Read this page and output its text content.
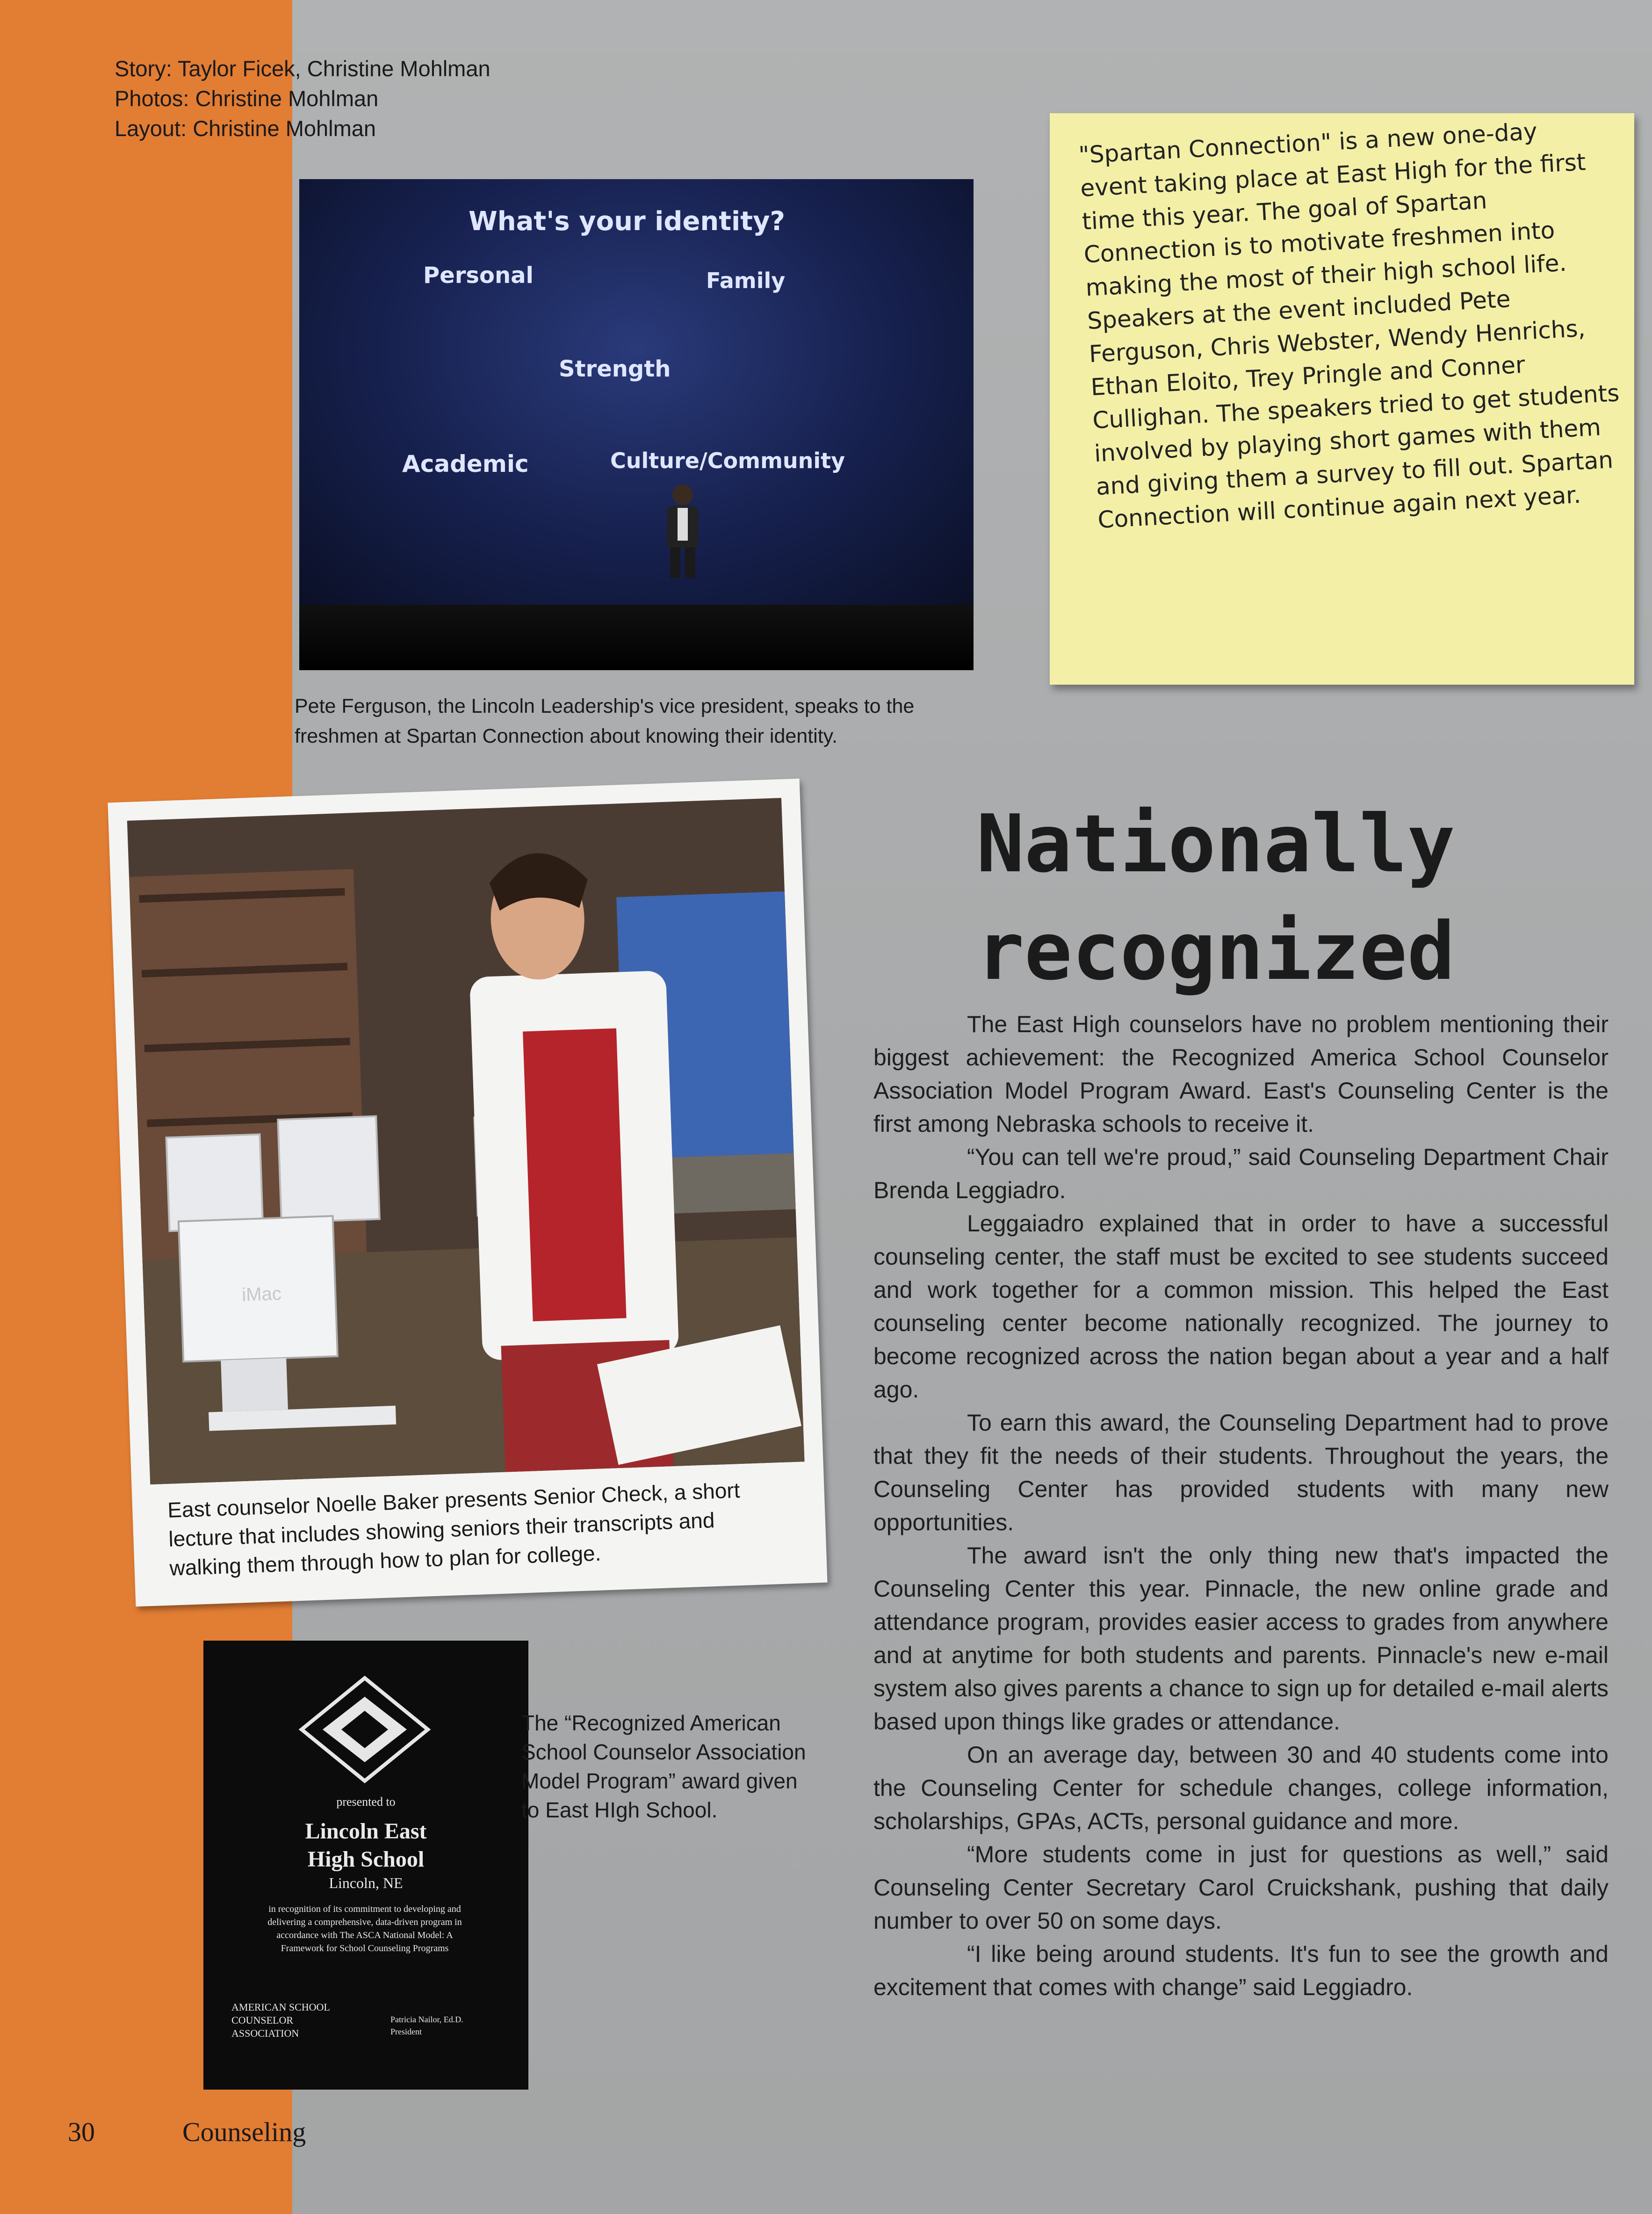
Story: Taylor Ficek, Christine Mohlman
Photos: Christine Mohlman
Layout: Christine Mohlman
What's your identity?
Personal	Family
Strength
Academic	Culture/Community
Pete Ferguson, the Lincoln Leadership's vice president, speaks to the freshmen at Spartan Connection about knowing their identity.
"Spartan Connection" is a new one-day event taking place at East High for the first time this year. The goal of Spartan Connection is to motivate freshmen into making the most of their high school life. Speakers at the event included Pete Ferguson, Chris Webster, Wendy Henrichs, Ethan Eloito, Trey Pringle and Conner Cullighan. The speakers tried to get students involved by playing short games with them and giving them a survey to fill out. Spartan Connection will continue again next year.
Nationally
recognized

The East High counselors have no problem mentioning their biggest achievement: the Recognized America School Counselor Association Model Program Award. East's Counseling Center is the first among Nebraska schools to receive it.

“You can tell we're proud,” said Counseling Department Chair Brenda Leggiadro.

Leggaiadro explained that in order to have a successful counseling center, the staff must be excited to see students succeed and work together for a common mission. This helped the East counseling center become nationally recognized. The journey to become recognized across the nation began about a year and a half ago.

To earn this award, the Counseling Department had to prove that they fit the needs of their students. Throughout the years, the Counseling Center has provided students with many new opportunities.

The award isn't the only thing new that's impacted the Counseling Center this year. Pinnacle, the new online grade and attendance program, provides easier access to grades from anywhere and at anytime for both students and parents. Pinnacle's new e-mail system also gives parents a chance to sign up for detailed e-mail alerts based upon things like grades or attendance.

On an average day, between 30 and 40 students come into the Counseling Center for schedule changes, college information, scholarships, GPAs, ACTs, personal guidance and more.

“More students come in just for questions as well,” said Counseling Center Secretary Carol Cruickshank, pushing that daily number to over 50 on some days.

“I like being around students. It's fun to see the growth and excitement that comes with change” said Leggiadro.

iMac
East counselor Noelle Baker presents Senior Check, a short lecture that includes showing seniors their transcripts and walking them through how to plan for college.
presented to
Lincoln East
High School
Lincoln, NE
in recognition of its commitment to developing and delivering a comprehensive, data-driven program in accordance with The ASCA National Model: A Framework for School Counseling Programs
AMERICAN SCHOOL COUNSELOR ASSOCIATION
Patricia Nailor, Ed.D.
President
The “Recognized American School Counselor Association Model Program” award given to East HIgh School.
30	Counseling
